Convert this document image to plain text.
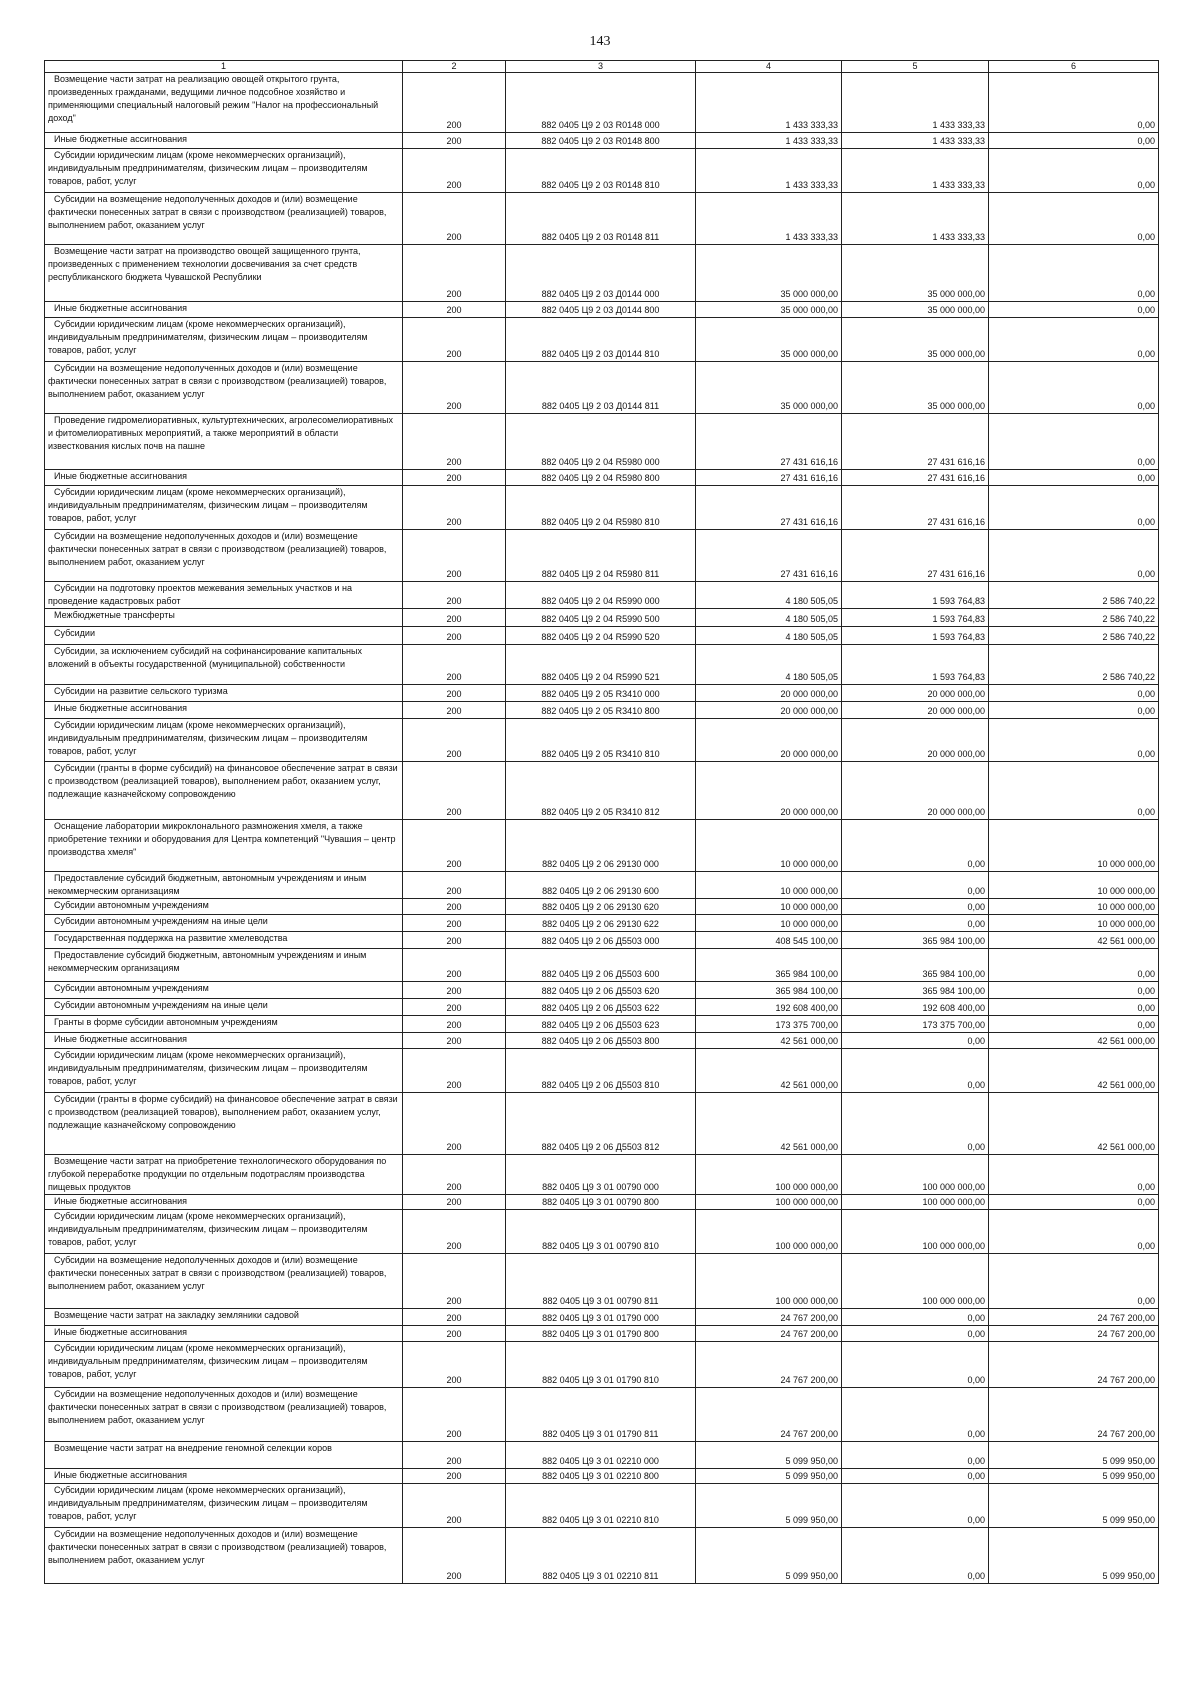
143
1	2	3	4	5	6

Возмещение части затрат на реализацию овощей открытого грунта, произведенных гражданами, ведущими личное подсобное хозяйство и применяющими специальный налоговый режим "Налог на профессиональный доход"	200	882 0405 Ц9 2 03 R0148 000	1 433 333,33	1 433 333,33	0,00

Иные бюджетные ассигнования	200	882 0405 Ц9 2 03 R0148 800	1 433 333,33	1 433 333,33	0,00

Субсидии юридическим лицам (кроме некоммерческих организаций), индивидуальным предпринимателям, физическим лицам – производителям товаров, работ, услуг	200	882 0405 Ц9 2 03 R0148 810	1 433 333,33	1 433 333,33	0,00

Субсидии на возмещение недополученных доходов и (или) возмещение фактически понесенных затрат в связи с производством (реализацией) товаров, выполнением работ, оказанием услуг	200	882 0405 Ц9 2 03 R0148 811	1 433 333,33	1 433 333,33	0,00

Возмещение части затрат на производство овощей защищенного грунта, произведенных с применением технологии досвечивания за счет средств республиканского бюджета Чувашской Республики	200	882 0405 Ц9 2 03 Д0144 000	35 000 000,00	35 000 000,00	0,00

Иные бюджетные ассигнования	200	882 0405 Ц9 2 03 Д0144 800	35 000 000,00	35 000 000,00	0,00

Субсидии юридическим лицам (кроме некоммерческих организаций), индивидуальным предпринимателям, физическим лицам – производителям товаров, работ, услуг	200	882 0405 Ц9 2 03 Д0144 810	35 000 000,00	35 000 000,00	0,00

Субсидии на возмещение недополученных доходов и (или) возмещение фактически понесенных затрат в связи с производством (реализацией) товаров, выполнением работ, оказанием услуг	200	882 0405 Ц9 2 03 Д0144 811	35 000 000,00	35 000 000,00	0,00

Проведение гидромелиоративных, культуртехнических, агролесомелиоративных и фитомелиоративных мероприятий, а также мероприятий в области известкования кислых почв на пашне	200	882 0405 Ц9 2 04 R5980 000	27 431 616,16	27 431 616,16	0,00

Иные бюджетные ассигнования	200	882 0405 Ц9 2 04 R5980 800	27 431 616,16	27 431 616,16	0,00

Субсидии юридическим лицам (кроме некоммерческих организаций), индивидуальным предпринимателям, физическим лицам – производителям товаров, работ, услуг	200	882 0405 Ц9 2 04 R5980 810	27 431 616,16	27 431 616,16	0,00

Субсидии на возмещение недополученных доходов и (или) возмещение фактически понесенных затрат в связи с производством (реализацией) товаров, выполнением работ, оказанием услуг	200	882 0405 Ц9 2 04 R5980 811	27 431 616,16	27 431 616,16	0,00

Субсидии на подготовку проектов межевания земельных участков и на проведение кадастровых работ	200	882 0405 Ц9 2 04 R5990 000	4 180 505,05	1 593 764,83	2 586 740,22

Межбюджетные трансферты	200	882 0405 Ц9 2 04 R5990 500	4 180 505,05	1 593 764,83	2 586 740,22

Субсидии	200	882 0405 Ц9 2 04 R5990 520	4 180 505,05	1 593 764,83	2 586 740,22

Субсидии, за исключением субсидий на софинансирование капитальных вложений в объекты государственной (муниципальной) собственности	200	882 0405 Ц9 2 04 R5990 521	4 180 505,05	1 593 764,83	2 586 740,22

Субсидии на развитие сельского туризма	200	882 0405 Ц9 2 05 R3410 000	20 000 000,00	20 000 000,00	0,00

Иные бюджетные ассигнования	200	882 0405 Ц9 2 05 R3410 800	20 000 000,00	20 000 000,00	0,00

Субсидии юридическим лицам (кроме некоммерческих организаций), индивидуальным предпринимателям, физическим лицам – производителям товаров, работ, услуг	200	882 0405 Ц9 2 05 R3410 810	20 000 000,00	20 000 000,00	0,00

Субсидии (гранты в форме субсидий) на финансовое обеспечение затрат в связи с производством (реализацией товаров), выполнением работ, оказанием услуг, подлежащие казначейскому сопровождению	200	882 0405 Ц9 2 05 R3410 812	20 000 000,00	20 000 000,00	0,00

Оснащение лаборатории микроклонального размножения хмеля, а также приобретение техники и оборудования для Центра компетенций "Чувашия – центр производства хмеля"	200	882 0405 Ц9 2 06 29130 000	10 000 000,00	0,00	10 000 000,00

Предоставление субсидий бюджетным, автономным учреждениям и иным некоммерческим организациям	200	882 0405 Ц9 2 06 29130 600	10 000 000,00	0,00	10 000 000,00

Субсидии автономным учреждениям	200	882 0405 Ц9 2 06 29130 620	10 000 000,00	0,00	10 000 000,00

Субсидии автономным учреждениям на иные цели	200	882 0405 Ц9 2 06 29130 622	10 000 000,00	0,00	10 000 000,00

Государственная поддержка на развитие хмелеводства	200	882 0405 Ц9 2 06 Д5503 000	408 545 100,00	365 984 100,00	42 561 000,00

Предоставление субсидий бюджетным, автономным учреждениям и иным некоммерческим организациям	200	882 0405 Ц9 2 06 Д5503 600	365 984 100,00	365 984 100,00	0,00

Субсидии автономным учреждениям	200	882 0405 Ц9 2 06 Д5503 620	365 984 100,00	365 984 100,00	0,00

Субсидии автономным учреждениям на иные цели	200	882 0405 Ц9 2 06 Д5503 622	192 608 400,00	192 608 400,00	0,00

Гранты в форме субсидии автономным учреждениям	200	882 0405 Ц9 2 06 Д5503 623	173 375 700,00	173 375 700,00	0,00

Иные бюджетные ассигнования	200	882 0405 Ц9 2 06 Д5503 800	42 561 000,00	0,00	42 561 000,00

Субсидии юридическим лицам (кроме некоммерческих организаций), индивидуальным предпринимателям, физическим лицам – производителям товаров, работ, услуг	200	882 0405 Ц9 2 06 Д5503 810	42 561 000,00	0,00	42 561 000,00

Субсидии (гранты в форме субсидий) на финансовое обеспечение затрат в связи с производством (реализацией товаров), выполнением работ, оказанием услуг, подлежащие казначейскому сопровождению	200	882 0405 Ц9 2 06 Д5503 812	42 561 000,00	0,00	42 561 000,00

Возмещение части затрат на приобретение технологического оборудования по глубокой переработке продукции по отдельным подотраслям производства пищевых продуктов	200	882 0405 Ц9 3 01 00790 000	100 000 000,00	100 000 000,00	0,00

Иные бюджетные ассигнования	200	882 0405 Ц9 3 01 00790 800	100 000 000,00	100 000 000,00	0,00

Субсидии юридическим лицам (кроме некоммерческих организаций), индивидуальным предпринимателям, физическим лицам – производителям товаров, работ, услуг	200	882 0405 Ц9 3 01 00790 810	100 000 000,00	100 000 000,00	0,00

Субсидии на возмещение недополученных доходов и (или) возмещение фактически понесенных затрат в связи с производством (реализацией) товаров, выполнением работ, оказанием услуг	200	882 0405 Ц9 3 01 00790 811	100 000 000,00	100 000 000,00	0,00

Возмещение части затрат на закладку земляники садовой	200	882 0405 Ц9 3 01 01790 000	24 767 200,00	0,00	24 767 200,00

Иные бюджетные ассигнования	200	882 0405 Ц9 3 01 01790 800	24 767 200,00	0,00	24 767 200,00

Субсидии юридическим лицам (кроме некоммерческих организаций), индивидуальным предпринимателям, физическим лицам – производителям товаров, работ, услуг	200	882 0405 Ц9 3 01 01790 810	24 767 200,00	0,00	24 767 200,00

Субсидии на возмещение недополученных доходов и (или) возмещение фактически понесенных затрат в связи с производством (реализацией) товаров, выполнением работ, оказанием услуг	200	882 0405 Ц9 3 01 01790 811	24 767 200,00	0,00	24 767 200,00

Возмещение части затрат на внедрение геномной селекции коров	200	882 0405 Ц9 3 01 02210 000	5 099 950,00	0,00	5 099 950,00

Иные бюджетные ассигнования	200	882 0405 Ц9 3 01 02210 800	5 099 950,00	0,00	5 099 950,00

Субсидии юридическим лицам (кроме некоммерческих организаций), индивидуальным предпринимателям, физическим лицам – производителям товаров, работ, услуг	200	882 0405 Ц9 3 01 02210 810	5 099 950,00	0,00	5 099 950,00

Субсидии на возмещение недополученных доходов и (или) возмещение фактически понесенных затрат в связи с производством (реализацией) товаров, выполнением работ, оказанием услуг	200	882 0405 Ц9 3 01 02210 811	5 099 950,00	0,00	5 099 950,00
